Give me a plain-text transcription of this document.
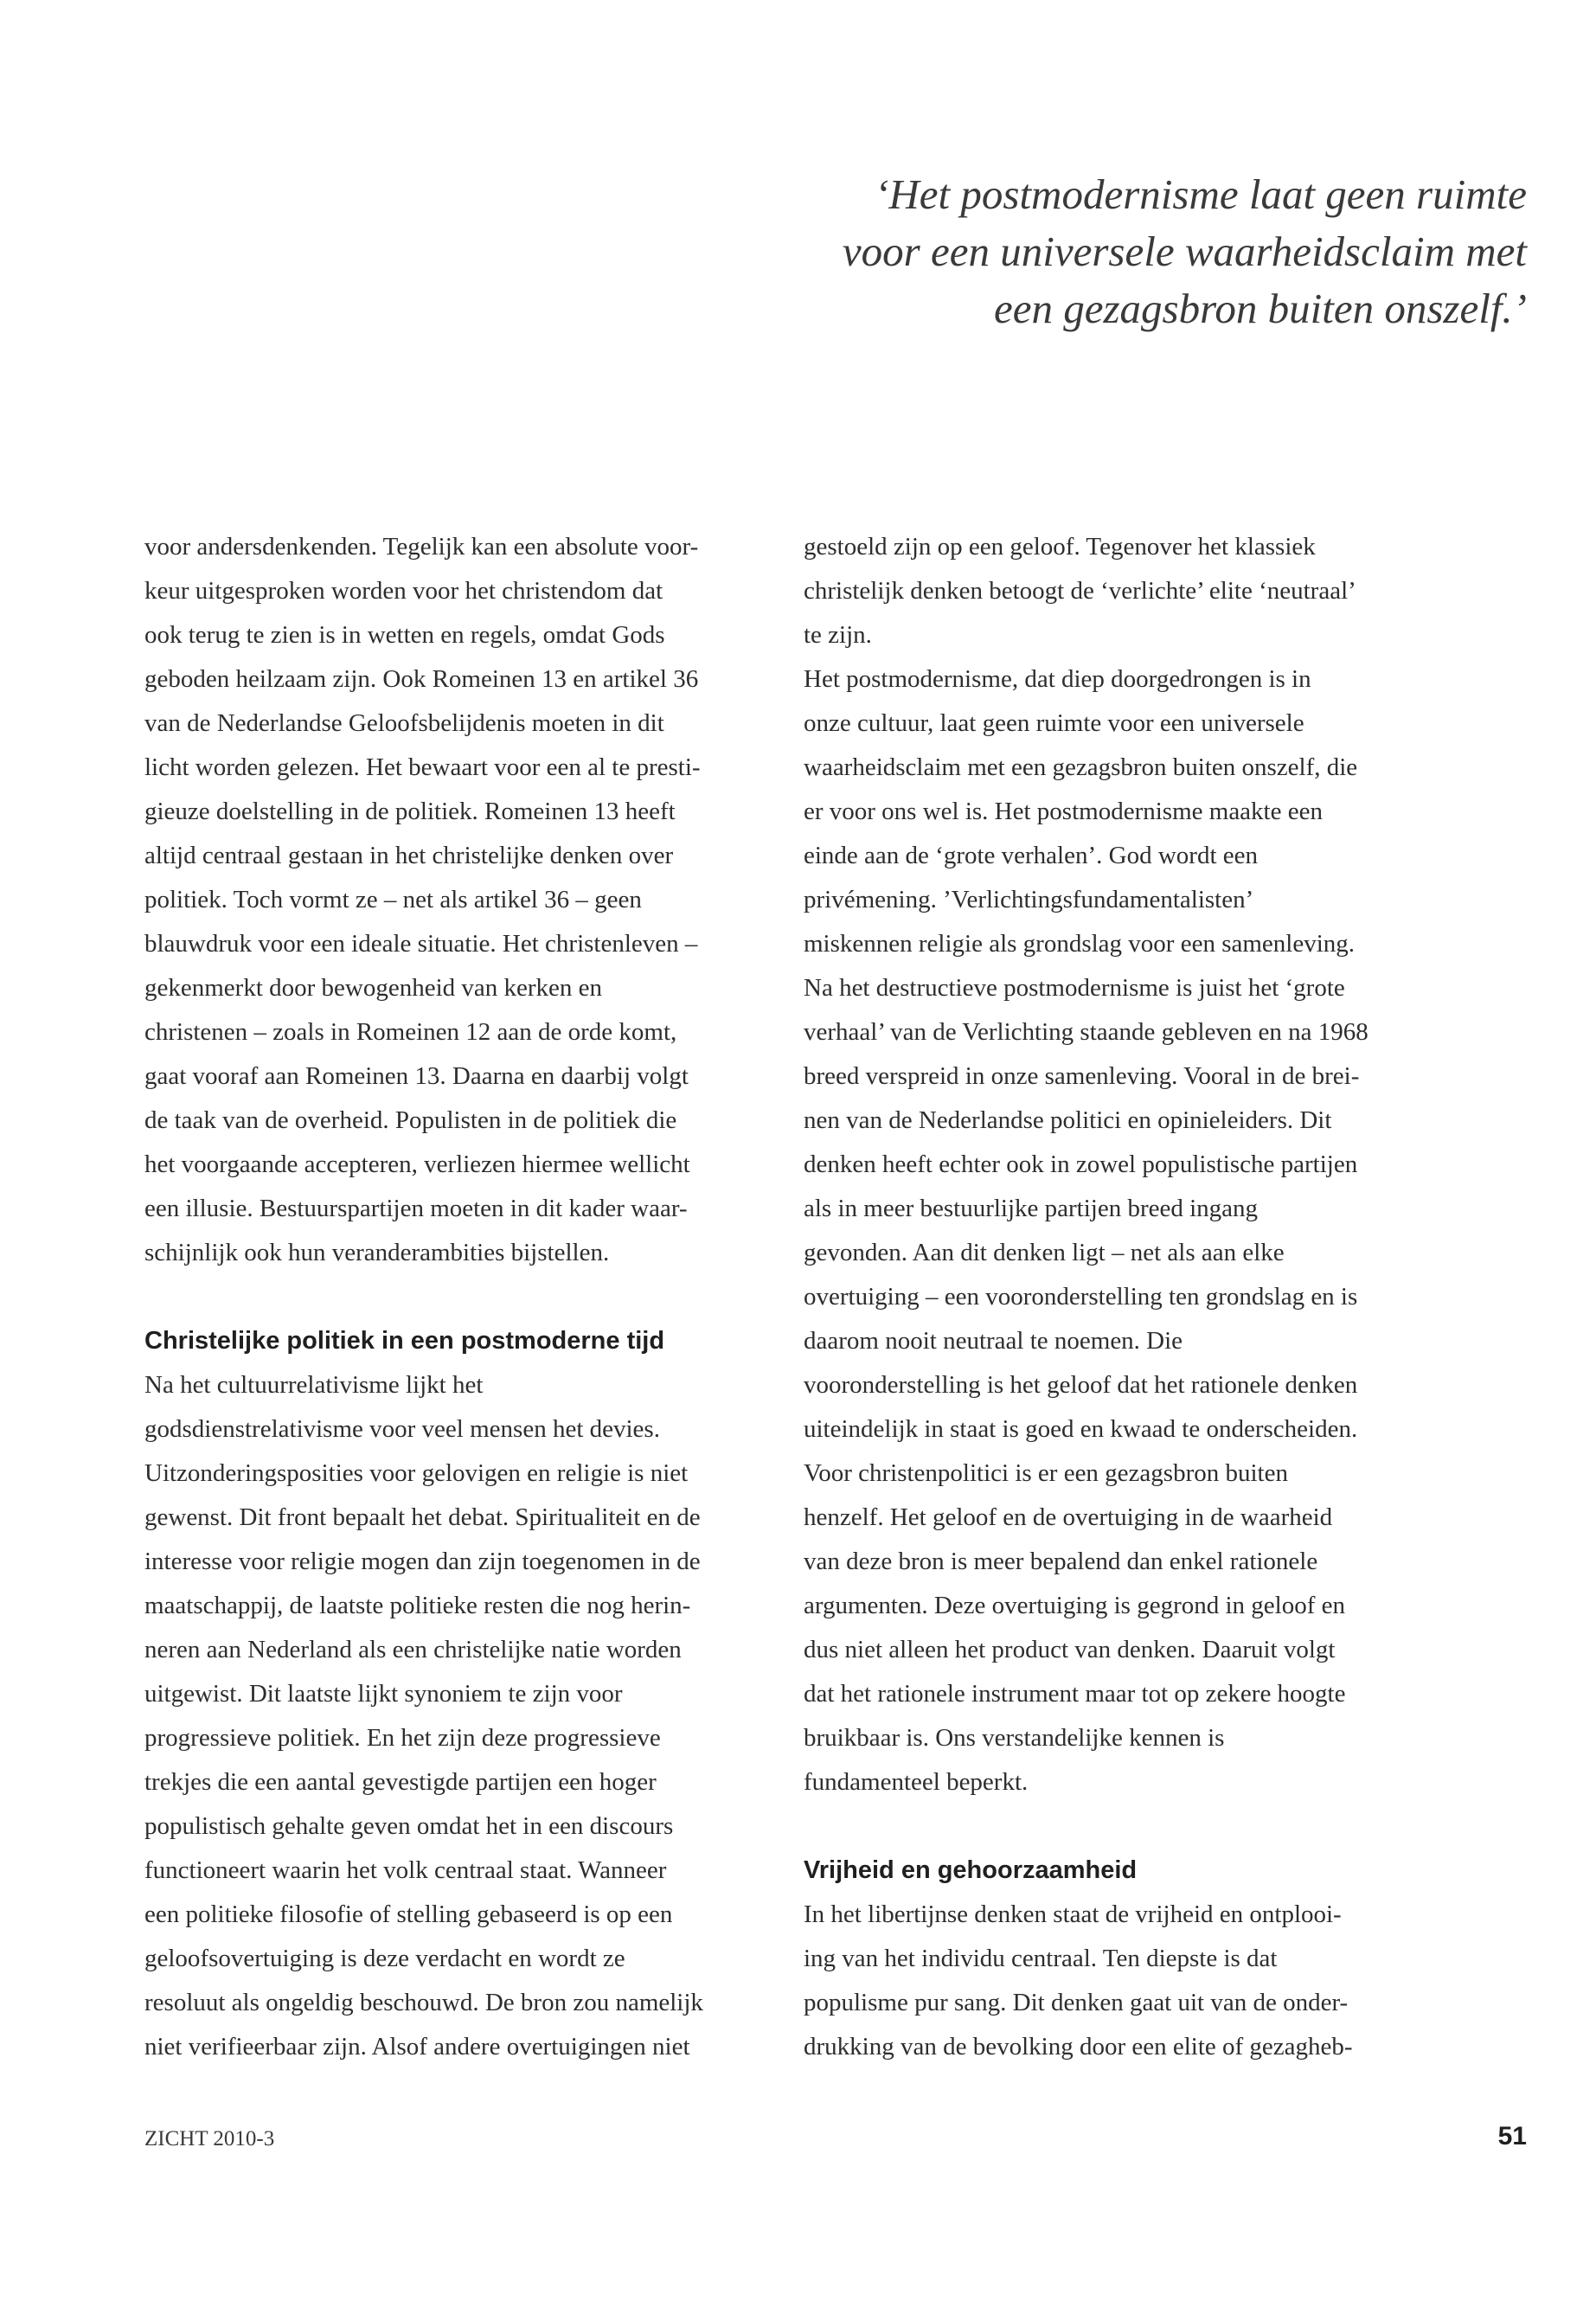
‘Het postmodernisme laat geen ruimte
voor een universele waarheidsclaim met
een gezagsbron buiten onszelf.’
voor andersdenkenden. Tegelijk kan een absolute voor-
keur uitgesproken worden voor het christendom dat
ook terug te zien is in wetten en regels, omdat Gods
geboden heilzaam zijn. Ook Romeinen 13 en artikel 36
van de Nederlandse Geloofsbelijdenis moeten in dit
licht worden gelezen. Het bewaart voor een al te presti-
gieuze doelstelling in de politiek. Romeinen 13 heeft
altijd centraal gestaan in het christelijke denken over
politiek. Toch vormt ze – net als artikel 36 – geen
blauwdruk voor een ideale situatie. Het christenleven –
gekenmerkt door bewogenheid van kerken en
christenen – zoals in Romeinen 12 aan de orde komt,
gaat vooraf aan Romeinen 13. Daarna en daarbij volgt
de taak van de overheid. Populisten in de politiek die
het voorgaande accepteren, verliezen hiermee wellicht
een illusie. Bestuurspartijen moeten in dit kader waar-
schijnlijk ook hun veranderambities bijstellen.
Christelijke politiek in een postmoderne tijd
Na het cultuurrelativisme lijkt het
godsdienstrelativisme voor veel mensen het devies.
Uitzonderingsposities voor gelovigen en religie is niet
gewenst. Dit front bepaalt het debat. Spiritualiteit en de
interesse voor religie mogen dan zijn toegenomen in de
maatschappij, de laatste politieke resten die nog herin-
neren aan Nederland als een christelijke natie worden
uitgewist. Dit laatste lijkt synoniem te zijn voor
progressieve politiek. En het zijn deze progressieve
trekjes die een aantal gevestigde partijen een hoger
populistisch gehalte geven omdat het in een discours
functioneert waarin het volk centraal staat. Wanneer
een politieke filosofie of stelling gebaseerd is op een
geloofsovertuiging is deze verdacht en wordt ze
resoluut als ongeldig beschouwd. De bron zou namelijk
niet verifieerbaar zijn. Alsof andere overtuigingen niet
gestoeld zijn op een geloof. Tegenover het klassiek
christelijk denken betoogt de ‘verlichte’ elite ‘neutraal’
te zijn.
Het postmodernisme, dat diep doorgedrongen is in
onze cultuur, laat geen ruimte voor een universele
waarheidsclaim met een gezagsbron buiten onszelf, die
er voor ons wel is. Het postmodernisme maakte een
einde aan de ‘grote verhalen’. God wordt een
privémening. ’Verlichtingsfundamentalisten’
miskennen religie als grondslag voor een samenleving.
Na het destructieve postmodernisme is juist het ‘grote
verhaal’ van de Verlichting staande gebleven en na 1968
breed verspreid in onze samenleving. Vooral in de brei-
nen van de Nederlandse politici en opinieleiders. Dit
denken heeft echter ook in zowel populistische partijen
als in meer bestuurlijke partijen breed ingang
gevonden. Aan dit denken ligt – net als aan elke
overtuiging – een vooronderstelling ten grondslag en is
daarom nooit neutraal te noemen. Die
vooronderstelling is het geloof dat het rationele denken
uiteindelijk in staat is goed en kwaad te onderscheiden.
Voor christenpolitici is er een gezagsbron buiten
henzelf. Het geloof en de overtuiging in de waarheid
van deze bron is meer bepalend dan enkel rationele
argumenten. Deze overtuiging is gegrond in geloof en
dus niet alleen het product van denken. Daaruit volgt
dat het rationele instrument maar tot op zekere hoogte
bruikbaar is. Ons verstandelijke kennen is
fundamenteel beperkt.
Vrijheid en gehoorzaamheid
In het libertijnse denken staat de vrijheid en ontplooi-
ing van het individu centraal. Ten diepste is dat
populisme pur sang. Dit denken gaat uit van de onder-
drukking van de bevolking door een elite of gezagheb-
ZICHT 2010-3	51
